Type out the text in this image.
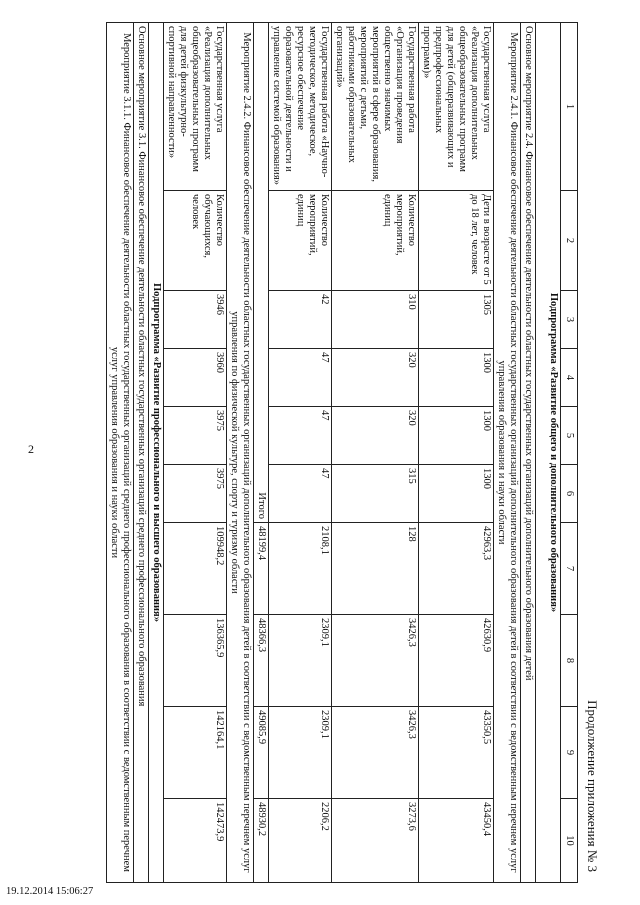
2
19.12.2014 15:06:27
Продолжение приложения № 3
1	2	3	4	5	6	7	8	9	10
Подпрограмма «Развитие общего и дополнительного образования»									
Основное мероприятие 2.4. Финансовое обеспечение деятельности областных государственных организаций дополнительного образования детей									
Мероприятие 2.4.1. Финансовое обеспечение деятельности областных государственных организаций дополнительного образования детей в соответствии с ведомственным перечнем услуг управления образования и науки области									
Государственная услуга «Реализация дополнительных общеобразовательных программ для детей (общеразвивающих и предпрофессиональных программ)»	Дети в возрасте от 5 до 18 лет, человек	1305	1300	1300	1300	42963,3	42630,9	43350,5	43450,4
Государственная работа «Организация проведения общественно значимых мероприятий в сфере образования, мероприятий с детьми, работниками образовательных организаций»	Количество мероприятий, единиц	310	320	320	315	128	3426,3	3426,3	3273,6
Государственная работа «Научно-методическое, методическое, ресурсное обеспечение образовательной деятельности и управление системой образования»	Количество мероприятий, единиц	42	47	47	47	2108,1	2309,1	2309,1	2206,2
Итого						48199,4	48366,3	49085,9	48930,2
Мероприятие 2.4.2. Финансовое обеспечение деятельности областных государственных организаций дополнительного образования детей в соответствии с ведомственным перечнем услуг управления по физической культуре, спорту и туризму области									
Государственная услуга «Реализация дополнительных общеобразовательных программ для детей физкультурно-спортивной направленности»	Количество обучающихся, человек	3946	3960	3975	3975	109948,2	136365,9	142164,1	142473,9
Подпрограмма «Развитие профессионального и высшего образования»									
Основное мероприятие 3.1. Финансовое обеспечение деятельности областных государственных организаций среднего профессионального образования									
Мероприятие 3.1.1. Финансовое обеспечение деятельности областных государственных организаций среднего профессионального образования в соответствии с ведомственным перечнем услуг управления образования и науки области									
